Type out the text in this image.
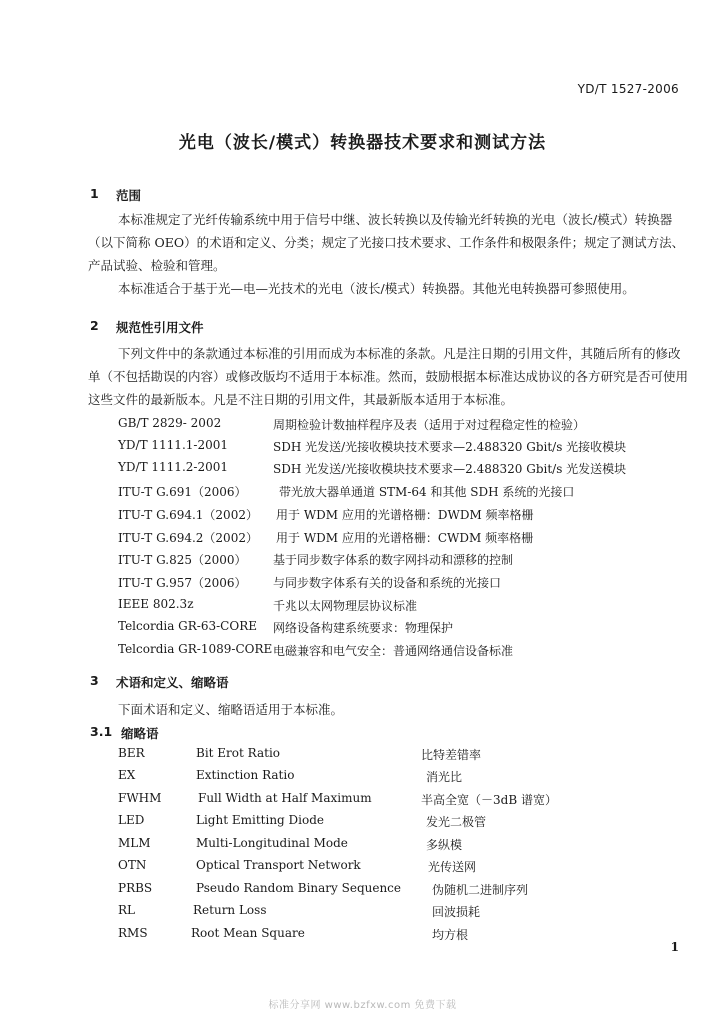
YD/T 1527-2006
光电（波长/模式）转换器技术要求和测试方法
1 范围

本标准规定了光纤传输系统中用于信号中继、波长转换以及传输光纤转换的光电（波长/模式）转换器（以下简称 OEO）的术语和定义、分类；规定了光接口技术要求、工作条件和极限条件；规定了测试方法、产品试验、检验和管理。

本标准适合于基于光—电—光技术的光电（波长/模式）转换器。其他光电转换器可参照使用。

2 规范性引用文件

下列文件中的条款通过本标准的引用而成为本标准的条款。凡是注日期的引用文件，其随后所有的修改单（不包括勘误的内容）或修改版均不适用于本标准。然而，鼓励根据本标准达成协议的各方研究是否可使用这些文件的最新版本。凡是不注日期的引用文件，其最新版本适用于本标准。

GB/T 2829- 2002	周期检验计数抽样程序及表（适用于对过程稳定性的检验）
YD/T 1111.1-2001	SDH 光发送/光接收模块技术要求—2.488320 Gbit/s 光接收模块
YD/T 1111.2-2001	SDH 光发送/光接收模块技术要求—2.488320 Gbit/s 光发送模块
ITU-T G.691（2006）	带光放大器单通道 STM-64 和其他 SDH 系统的光接口
ITU-T G.694.1（2002） 用于 WDM 应用的光谱格栅：DWDM 频率格栅
ITU-T G.694.2（2002） 用于 WDM 应用的光谱格栅：CWDM 频率格栅
ITU-T G.825（2000） 基于同步数字体系的数字网抖动和漂移的控制
ITU-T G.957（2006） 与同步数字体系有关的设备和系统的光接口
IEEE 802.3z	千兆以太网物理层协议标准
Telcordia GR-63-CORE 网络设备构建系统要求：物理保护
Telcordia GR-1089-CORE 电磁兼容和电气安全：普通网络通信设备标准
3 术语和定义、缩略语
下面术语和定义、缩略语适用于本标准。
3.1 缩略语
BER	Bit Erot Ratio	比特差错率
EX	Extinction Ratio	消光比
FWHM	Full Width at Half Maximum	半高全宽（－3dB 谱宽）
LED	Light Emitting Diode	发光二极管
MLM	Multi-Longitudinal Mode	多纵模
OTN	Optical Transport Network	光传送网
PRBS	Pseudo Random Binary Sequence	伪随机二进制序列
RL	Return Loss	回波损耗
RMS	Root Mean Square	均方根
1
标准分享网 www.bzfxw.com 免费下载
